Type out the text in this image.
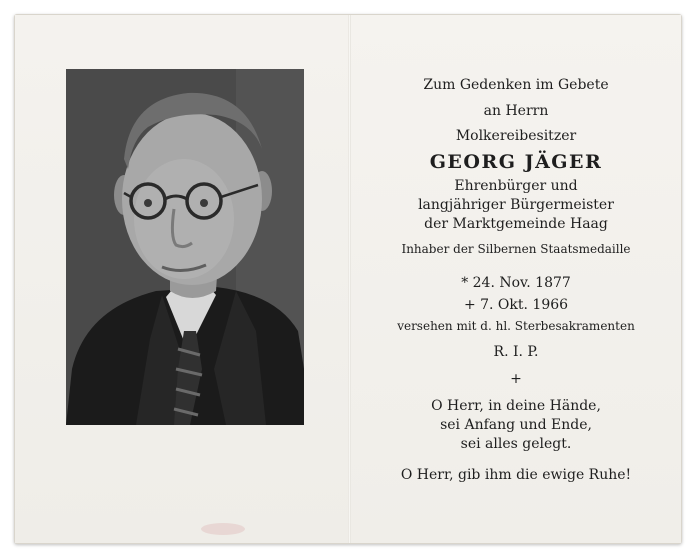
Zum Gedenken im Gebete
an Herrn
Molkereibesitzer
GEORG JÄGER
Ehrenbürger und
langjähriger Bürgermeister
der Marktgemeinde Haag
Inhaber der Silbernen Staatsmedaille
* 24. Nov. 1877
+ 7. Okt. 1966
versehen mit d. hl. Sterbesakramenten
R. I. P.
+
O Herr, in deine Hände,
sei Anfang und Ende,
sei alles gelegt.
O Herr, gib ihm die ewige Ruhe!
